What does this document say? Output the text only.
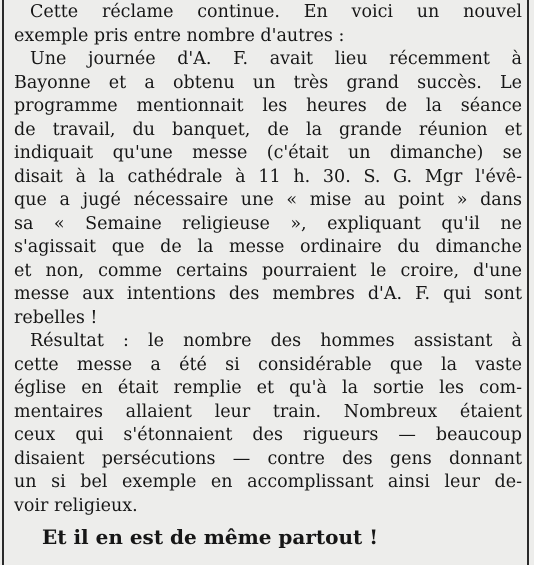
Cette réclame continue. En voici un nouvel
exemple pris entre nombre d'autres :
Une journée d'A. F. avait lieu récemment à
Bayonne et a obtenu un très grand succès. Le
programme mentionnait les heures de la séance
de travail, du banquet, de la grande réunion et
indiquait qu'une messe (c'était un dimanche) se
disait à la cathédrale à 11 h. 30. S. G. Mgr l'évê-
que a jugé nécessaire une « mise au point » dans
sa « Semaine religieuse », expliquant qu'il ne
s'agissait que de la messe ordinaire du dimanche
et non, comme certains pourraient le croire, d'une
messe aux intentions des membres d'A. F. qui sont
rebelles !
Résultat : le nombre des hommes assistant à
cette messe a été si considérable que la vaste
église en était remplie et qu'à la sortie les com-
mentaires allaient leur train. Nombreux étaient
ceux qui s'étonnaient des rigueurs — beaucoup
disaient persécutions — contre des gens donnant
un si bel exemple en accomplissant ainsi leur de-
voir religieux.
Et il en est de même partout !
